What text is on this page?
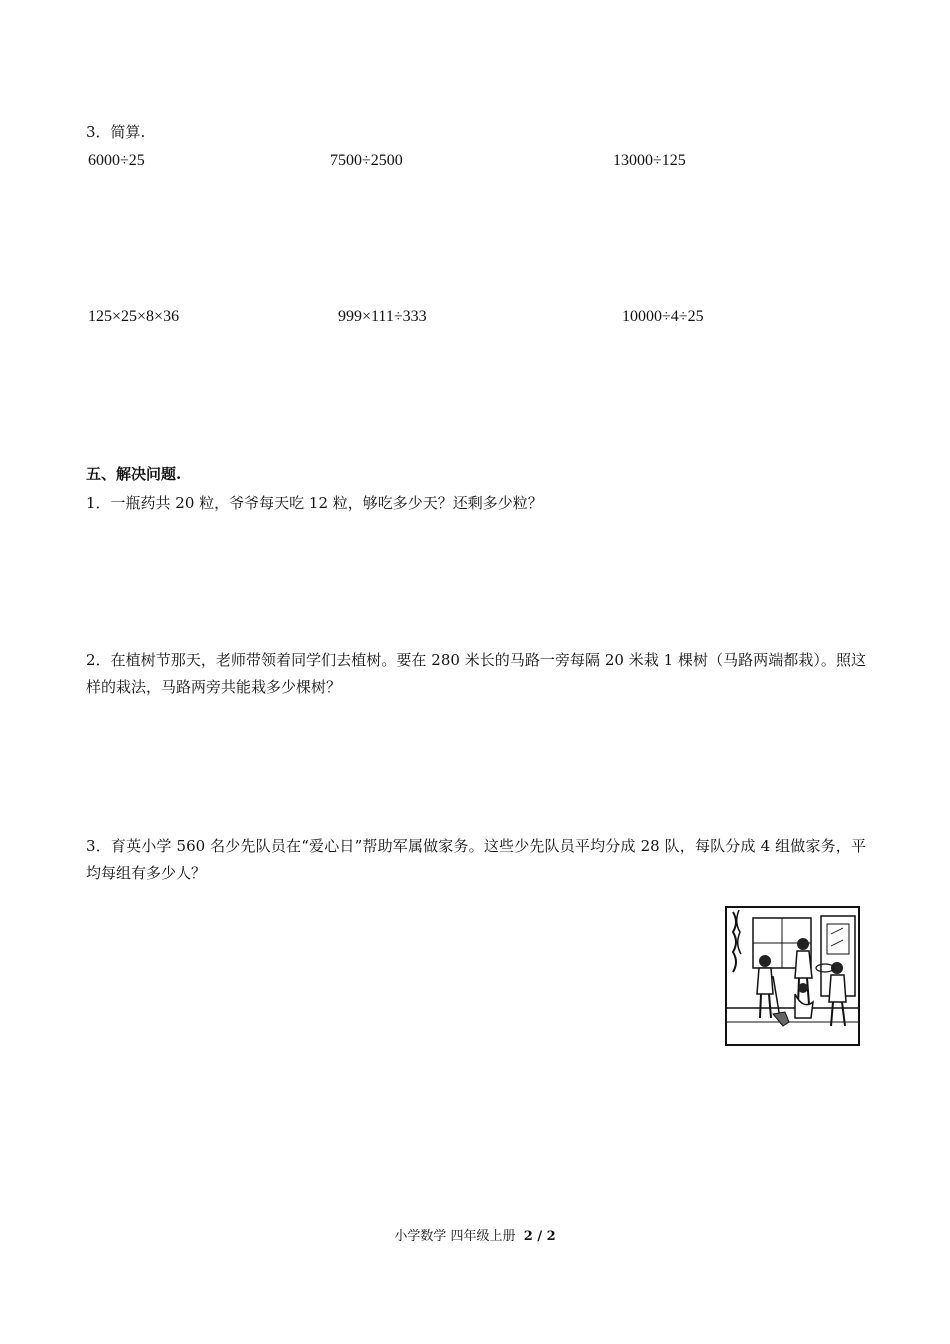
3．简算.
6000÷25	7500÷2500	13000÷125
125×25×8×36	999×111÷333	10000÷4÷25
五、解决问题.
1．一瓶药共 20 粒，爷爷每天吃 12 粒，够吃多少天？还剩多少粒？
2．在植树节那天，老师带领着同学们去植树。要在 280 米长的马路一旁每隔 20 米栽 1 棵树（马路两端都栽）。照这样的栽法，马路两旁共能栽多少棵树？
3．育英小学 560 名少先队员在“爱心日”帮助军属做家务。这些少先队员平均分成 28 队，每队分成 4 组做家务，平均每组有多少人？
小学数学 四年级上册 2 / 2
